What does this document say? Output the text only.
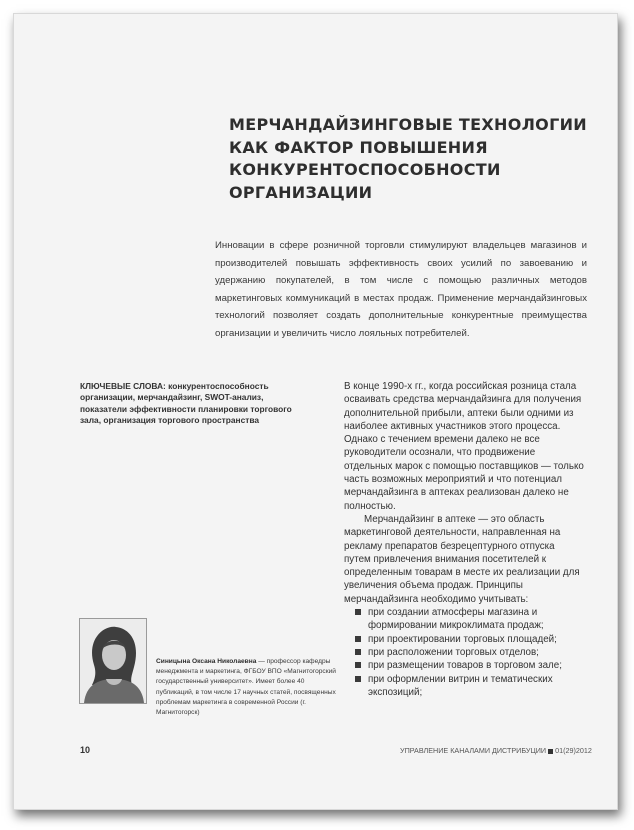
МЕРЧАНДАЙЗИНГОВЫЕ ТЕХНОЛОГИИ
КАК ФАКТОР ПОВЫШЕНИЯ
КОНКУРЕНТОСПОСОБНОСТИ
ОРГАНИЗАЦИИ

Инновации в сфере розничной торговли стимулируют владельцев магазинов и производителей повышать эффективность своих усилий по завоеванию и удержанию покупателей, в том числе с помощью различных методов маркетинговых коммуникаций в местах продаж. Применение мерчандайзинговых технологий позволяет создать дополнительные конкурентные преимущества организации и увеличить число лояльных потребителей.

КЛЮЧЕВЫЕ СЛОВА: конкурентоспособность организации, мерчандайзинг, SWOT-анализ, показатели эффективности планировки торгового зала, организация торгового пространства

В конце 1990-х гг., когда российская розница стала осваивать средства мерчандайзинга для получения дополнительной прибыли, аптеки были одними из наиболее активных участников этого процесса. Однако с течением времени далеко не все руководители осознали, что продвижение отдельных марок с помощью поставщиков — только часть возможных мероприятий и что потенциал мерчандайзинга в аптеках реализован далеко не полностью.

Мерчандайзинг в аптеке — это область маркетинговой деятельности, направленная на рекламу препаратов безрецептурного отпуска путем привлечения внимания посетителей к определенным товарам в месте их реализации для увеличения объема продаж. Принципы мерчандайзинга необходимо учитывать:

при создании атмосферы магазина и формировании микроклимата продаж;
при проектировании торговых площадей;
при расположении торговых отделов;
при размещении товаров в торговом зале;
при оформлении витрин и тематических экспозиций;

Синицына Оксана Николаевна — профессор кафедры менеджмента и маркетинга, ФГБОУ ВПО «Магнитогорский государственный университет». Имеет более 40 публикаций, в том числе 17 научных статей, посвященных проблемам маркетинга в современной России (г. Магнитогорск)

10	УПРАВЛЕНИЕ КАНАЛАМИ ДИСТРИБУЦИИ 01(29)2012
